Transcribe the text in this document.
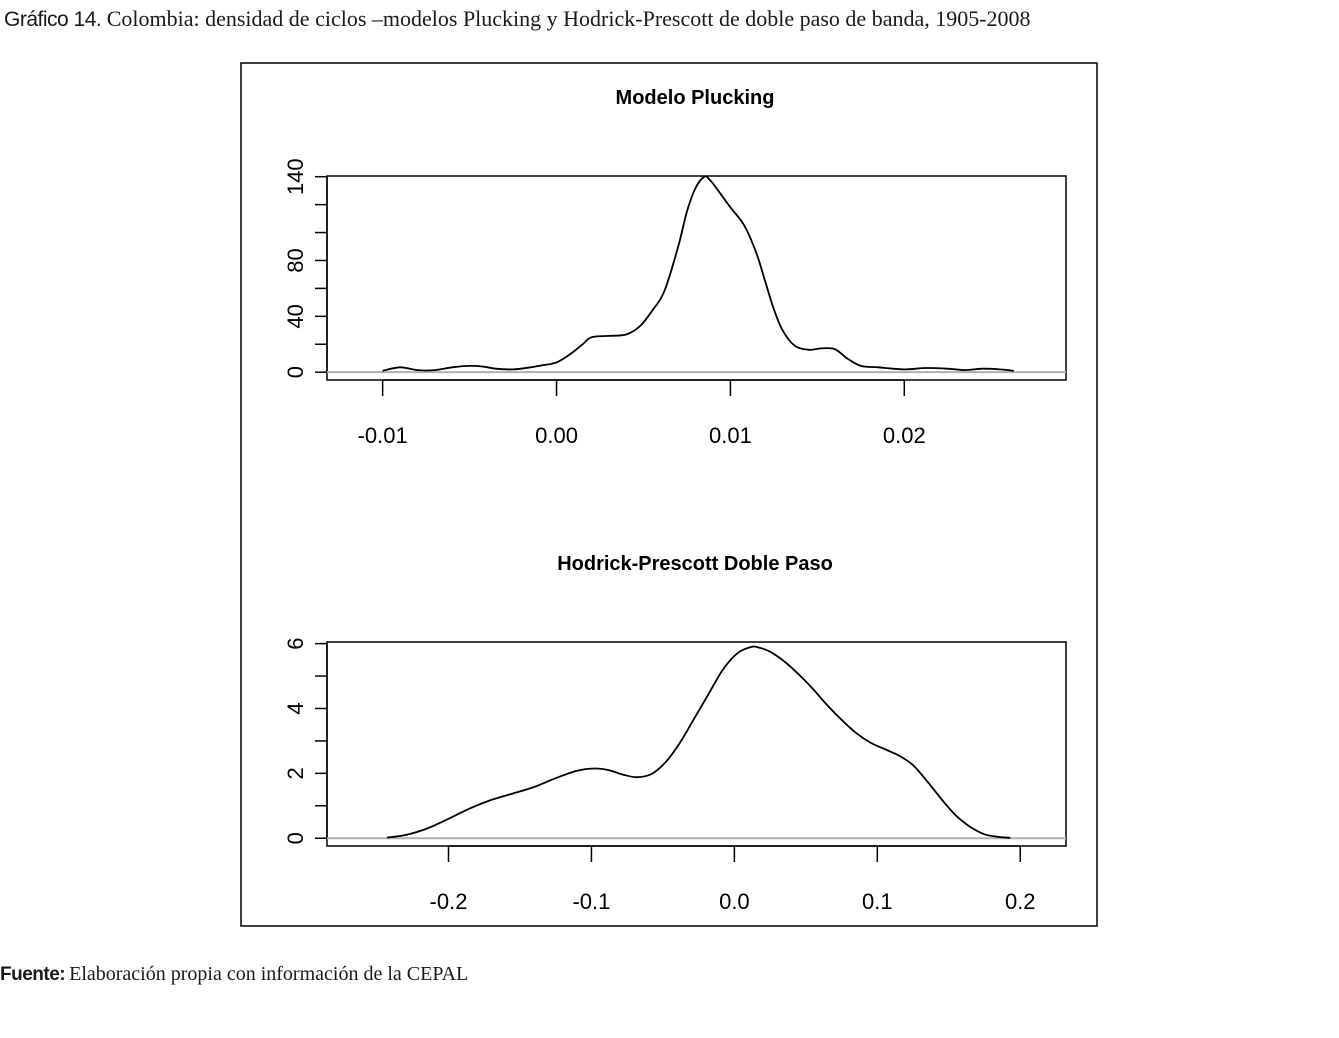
Gráfico 14. Colombia: densidad de ciclos –modelos Plucking y Hodrick-Prescott de doble paso de banda, 1905-2008
Modelo Plucking
0
40
80
140
-0.01	0.00	0.01	0.02
Hodrick-Prescott Doble Paso
0
2
4
6
-0.2	-0.1	0.0	0.1	0.2
Fuente: Elaboración propia con información de la CEPAL
